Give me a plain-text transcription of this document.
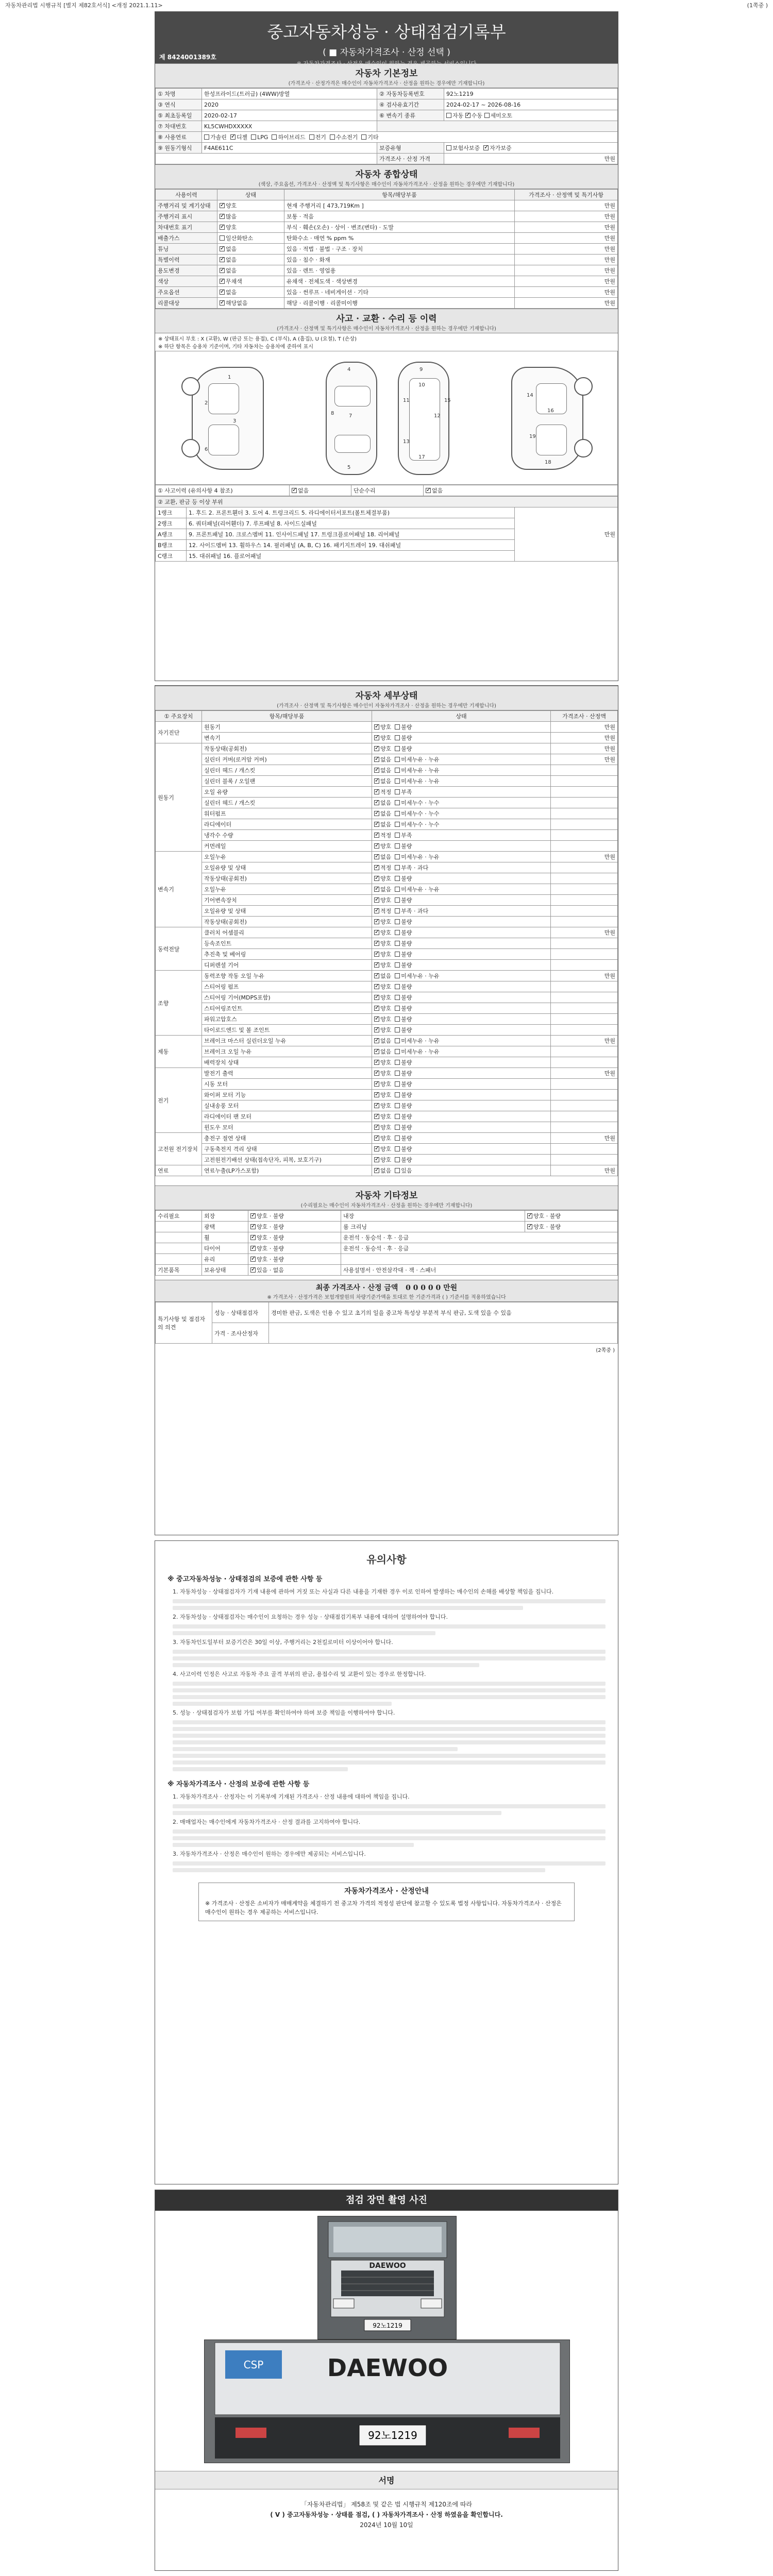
자동차관리법 시행규칙 [별지 제82호서식] <개정 2021.1.11>	(1쪽중 )
중고자동차성능 · 상태점검기록부
( ■ 자동차가격조사 · 산정 선택 )
※ 자동차가격조사 · 산정은 매수인이 원하는 경우 제공하는 서비스입니다
제 8424001389호
자동차 기본정보
(가격조사 · 산정가격은 매수인이 자동차가격조사 · 산정을 원하는 경우에만 기재합니다)
① 차명	한성프라이드(트러급) (4WW)방열	② 자동차등록번호	92노1219
③ 연식	2020	④ 검사유효기간	2024-02-17 ~ 2026-08-16
⑤ 최초등록일	2020-02-17	⑥ 변속기 종류	자동 ✓ 수동 세미오토
⑦ 차대번호	KL5CWHDXXXXX		
⑧ 사용연료	가솔린 ✓ 디젤 LPG 하이브리드 전기 수소전기 기타
⑨ 원동기형식	F4AE611C	보증유형	보험사보증 ✓ 자가보증
		가격조사 · 산정 가격	만원
자동차 종합상태
(색상, 주요옵션, 가격조사 · 산정액 및 특기사항은 매수인이 자동차가격조사 · 산정을 원하는 경우에만 기재합니다)
사용이력	상태	항목/해당부품	가격조사 · 산정액 및 특기사항
주행거리 및 계기상태	✓양호	현재 주행거리 [ 473,719Km ]	만원
주행거리 표시	✓많음	보통 · 적음	만원
차대번호 표기	✓양호	부식 · 훼손(오손) · 상이 · 변조(변타) · 도말	만원
배출가스	일산화탄소	탄화수소 · 매연 % ppm %	만원
튜닝	✓없음	있음 · 적법 · 불법 · 구조 · 장치	만원
특별이력	✓없음	있음 · 침수 · 화재	만원
용도변경	✓없음	있음 · 렌트 · 영업용	만원
색상	✓무채색	유채색 · 전체도색 · 색상변경	만원
주요옵션	✓없음	있음 · 썬루프 · 네비게이션 · 기타	만원
리콜대상	✓해당없음	해당 · 리콜이행 · 리콜미이행	만원
사고 · 교환 · 수리 등 이력
(가격조사 · 산정액 및 특기사항은 매수인이 자동차가격조사 · 산정을 원하는 경우에만 기재합니다)
※ 상태표시 부호 : X (교환), W (판금 또는 용접), C (부식), A (흠집), U (요철), T (손상)
※ 하단 항목은 승용차 기준이며, 기타 자동차는 승용차에 준하여 표시
1
2
3
4
5
6
7
8
9
10
11
12
13
14
15
16
17
18
19
① 사고이력 (유의사항 4 참조)	✓없음	단순수리	✓없음
② 교환, 판금 등 이상 부위		
1랭크	1. 후드 2. 프론트휀더 3. 도어 4. 트렁크리드 5. 라디에이터서포트(볼트체결부품)	만원
2랭크	6. 쿼터패널(리어휀더) 7. 루프패널 8. 사이드실패널	
A랭크	9. 프론트패널 10. 크로스멤버 11. 인사이드패널 17. 트렁크플로어패널 18. 리어패널	
B랭크	12. 사이드멤버 13. 휠하우스 14. 필러패널 (A, B, C) 16. 패키지트레이 19. 대쉬패널	
C랭크	15. 대쉬패널 16. 플로어패널	
자동차 세부상태
(가격조사 · 산정액 및 특기사항은 매수인이 자동차가격조사 · 산정을 원하는 경우에만 기재합니다)
① 주요장치	항목/해당부품	상태	가격조사 · 산정액
자기진단	원동기	✓양호 불량	만원
	변속기	✓양호 불량	만원
원동기	작동상태(공회전)	✓양호 불량	만원
	실린더 커버(로커암 커버)	✓없음 미세누유 · 누유	만원
	실린더 헤드 / 개스킷	✓없음 미세누유 · 누유	
	실린더 블록 / 오일팬	✓없음 미세누유 · 누유	
	오일 유량	✓적정 부족	
	실린더 헤드 / 개스킷	✓없음 미세누수 · 누수	
	워터펌프	✓없음 미세누수 · 누수	
	라디에이터	✓없음 미세누수 · 누수	
	냉각수 수량	✓적정 부족	
	커먼레일	✓양호 불량	
변속기	오일누유	✓없음 미세누유 · 누유	만원
	오일유량 및 상태	✓적정 부족 · 과다	
	작동상태(공회전)	✓양호 불량	
	오일누유	✓없음 미세누유 · 누유	
	기어변속장치	✓양호 불량	
	오일유량 및 상태	✓적정 부족 · 과다	
	작동상태(공회전)	✓양호 불량	
동력전달	클러치 어셈블리	✓양호 불량	만원
	등속조인트	✓양호 불량	
	추진축 및 베어링	✓양호 불량	
	디퍼렌셜 기어	✓양호 불량	
조향	동력조향 작동 오일 누유	✓없음 미세누유 · 누유	만원
	스티어링 펌프	✓양호 불량	
	스티어링 기어(MDPS포함)	✓양호 불량	
	스티어링조인트	✓양호 불량	
	파워고압호스	✓양호 불량	
	타이로드엔드 및 볼 조인트	✓양호 불량	
제동	브레이크 마스터 실린더오일 누유	✓없음 미세누유 · 누유	만원
	브레이크 오일 누유	✓없음 미세누유 · 누유	
	배력장치 상태	✓양호 불량	
전기	발전기 출력	✓양호 불량	만원
	시동 모터	✓양호 불량	
	와이퍼 모터 기능	✓양호 불량	
	실내송풍 모터	✓양호 불량	
	라디에이터 팬 모터	✓양호 불량	
	윈도우 모터	✓양호 불량	
고전원 전기장치	충전구 절연 상태	✓양호 불량	만원
	구동축전지 격리 상태	✓양호 불량	
	고전원전기배선 상태(접속단자, 피복, 보호기구)	✓양호 불량	
연료	연료누출(LP가스포함)	✓없음 있음	만원
자동차 기타정보
(수리필요는 매수인이 자동차가격조사 · 산정을 원하는 경우에만 기재합니다)
수리필요	외장	✓양호 · 불량	내장	✓양호 · 불량
	광택	✓양호 · 불량	룸 크리닝	✓양호 · 불량
	휠	✓양호 · 불량	운전석 · 동승석 · 후 · 응급	
	타이어	✓양호 · 불량	운전석 · 동승석 · 후 · 응급	
	유리	✓양호 · 불량	
기본품목	보유상태	✓있음 · 없음	사용설명서 · 안전삼각대 · 잭 · 스패너	
최종 가격조사 · 산정 금액 0 0 0 0 0 만원
※ 가격조사 · 산정가격은 보험개발원의 차량기준가액을 토대로 한 기준가격과 ( ) 기준서를 적용하였습니다
특기사항 및 점검자의 의견	성능 · 상태점검자	경미한 판금, 도색은 인용 수 있고 초기의 일을 중고차 특성상 부분적 부식 판금, 도색 있을 수 있음
	가격 · 조사산정자	
(2쪽중 )
유의사항
※ 중고자동차성능 · 상태점검의 보증에 관한 사항 등

1. 자동차성능 · 상태점검자가 기재 내용에 관하여 거짓 또는 사실과 다른 내용을 기재한 경우 이로 인하여 발생하는 매수인의 손해를 배상할 책임을 집니다.

2. 자동차성능 · 상태점검자는 매수인이 요청하는 경우 성능 · 상태점검기록부 내용에 대하여 설명하여야 합니다.

3. 자동차인도일부터 보증기간은 30일 이상, 주행거리는 2천킬로미터 이상이어야 합니다.

4. 사고이력 인정은 사고로 자동차 주요 골격 부위의 판금, 용접수리 및 교환이 있는 경우로 한정합니다.

5. 성능 · 상태점검자가 보험 가입 여부를 확인하여야 하며 보증 책임을 이행하여야 합니다.

※ 자동차가격조사 · 산정의 보증에 관한 사항 등

1. 자동차가격조사 · 산정자는 이 기록부에 기재된 가격조사 · 산정 내용에 대하여 책임을 집니다.

2. 매매업자는 매수인에게 자동차가격조사 · 산정 결과를 고지하여야 합니다.

3. 자동차가격조사 · 산정은 매수인이 원하는 경우에만 제공되는 서비스입니다.

자동차가격조사 · 산정안내
※ 가격조사 · 산정은 소비자가 매매계약을 체결하기 전 중고차 가격의 적정성 판단에 참고할 수 있도록 법정 사항입니다. 자동차가격조사 · 산정은 매수인이 원하는 경우 제공하는 서비스입니다.
점검 장면 촬영 사진
92노1219
DAEWOO
CSP	DAEWOO
92노1219
서명
「자동차관리법」 제58조 및 같은 법 시행규칙 제120조에 따라
( V ) 중고자동차성능 · 상태를 점검, ( ) 자동차가격조사 · 산정 하였음을 확인합니다.
2024년 10월 10일
